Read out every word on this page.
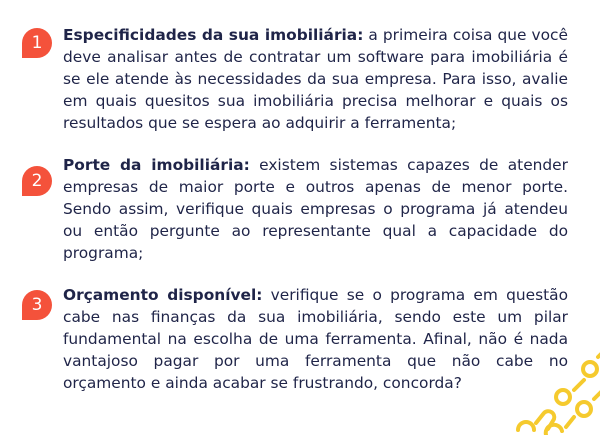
1	Especificidades da sua imobiliária: a primeira coisa que você deve analisar antes de contratar um software para imobiliária é se ele atende às necessidades da sua empresa. Para isso, avalie em quais quesitos sua imobiliária precisa melhorar e quais os resultados que se espera ao adquirir a ferramenta;

2

Porte da imobiliária: existem sistemas capazes de atender empresas de maior porte e outros apenas de menor porte. Sendo assim, verifique quais empresas o programa já atendeu ou então pergunte ao representante qual a capacidade do programa;

3	Orçamento disponível: verifique se o programa em questão cabe nas finanças da sua imobiliária, sendo este um pilar fundamental na escolha de uma ferramenta. Afinal, não é nada vantajoso pagar por uma ferramenta que não cabe no orçamento e ainda acabar se frustrando, concorda?
